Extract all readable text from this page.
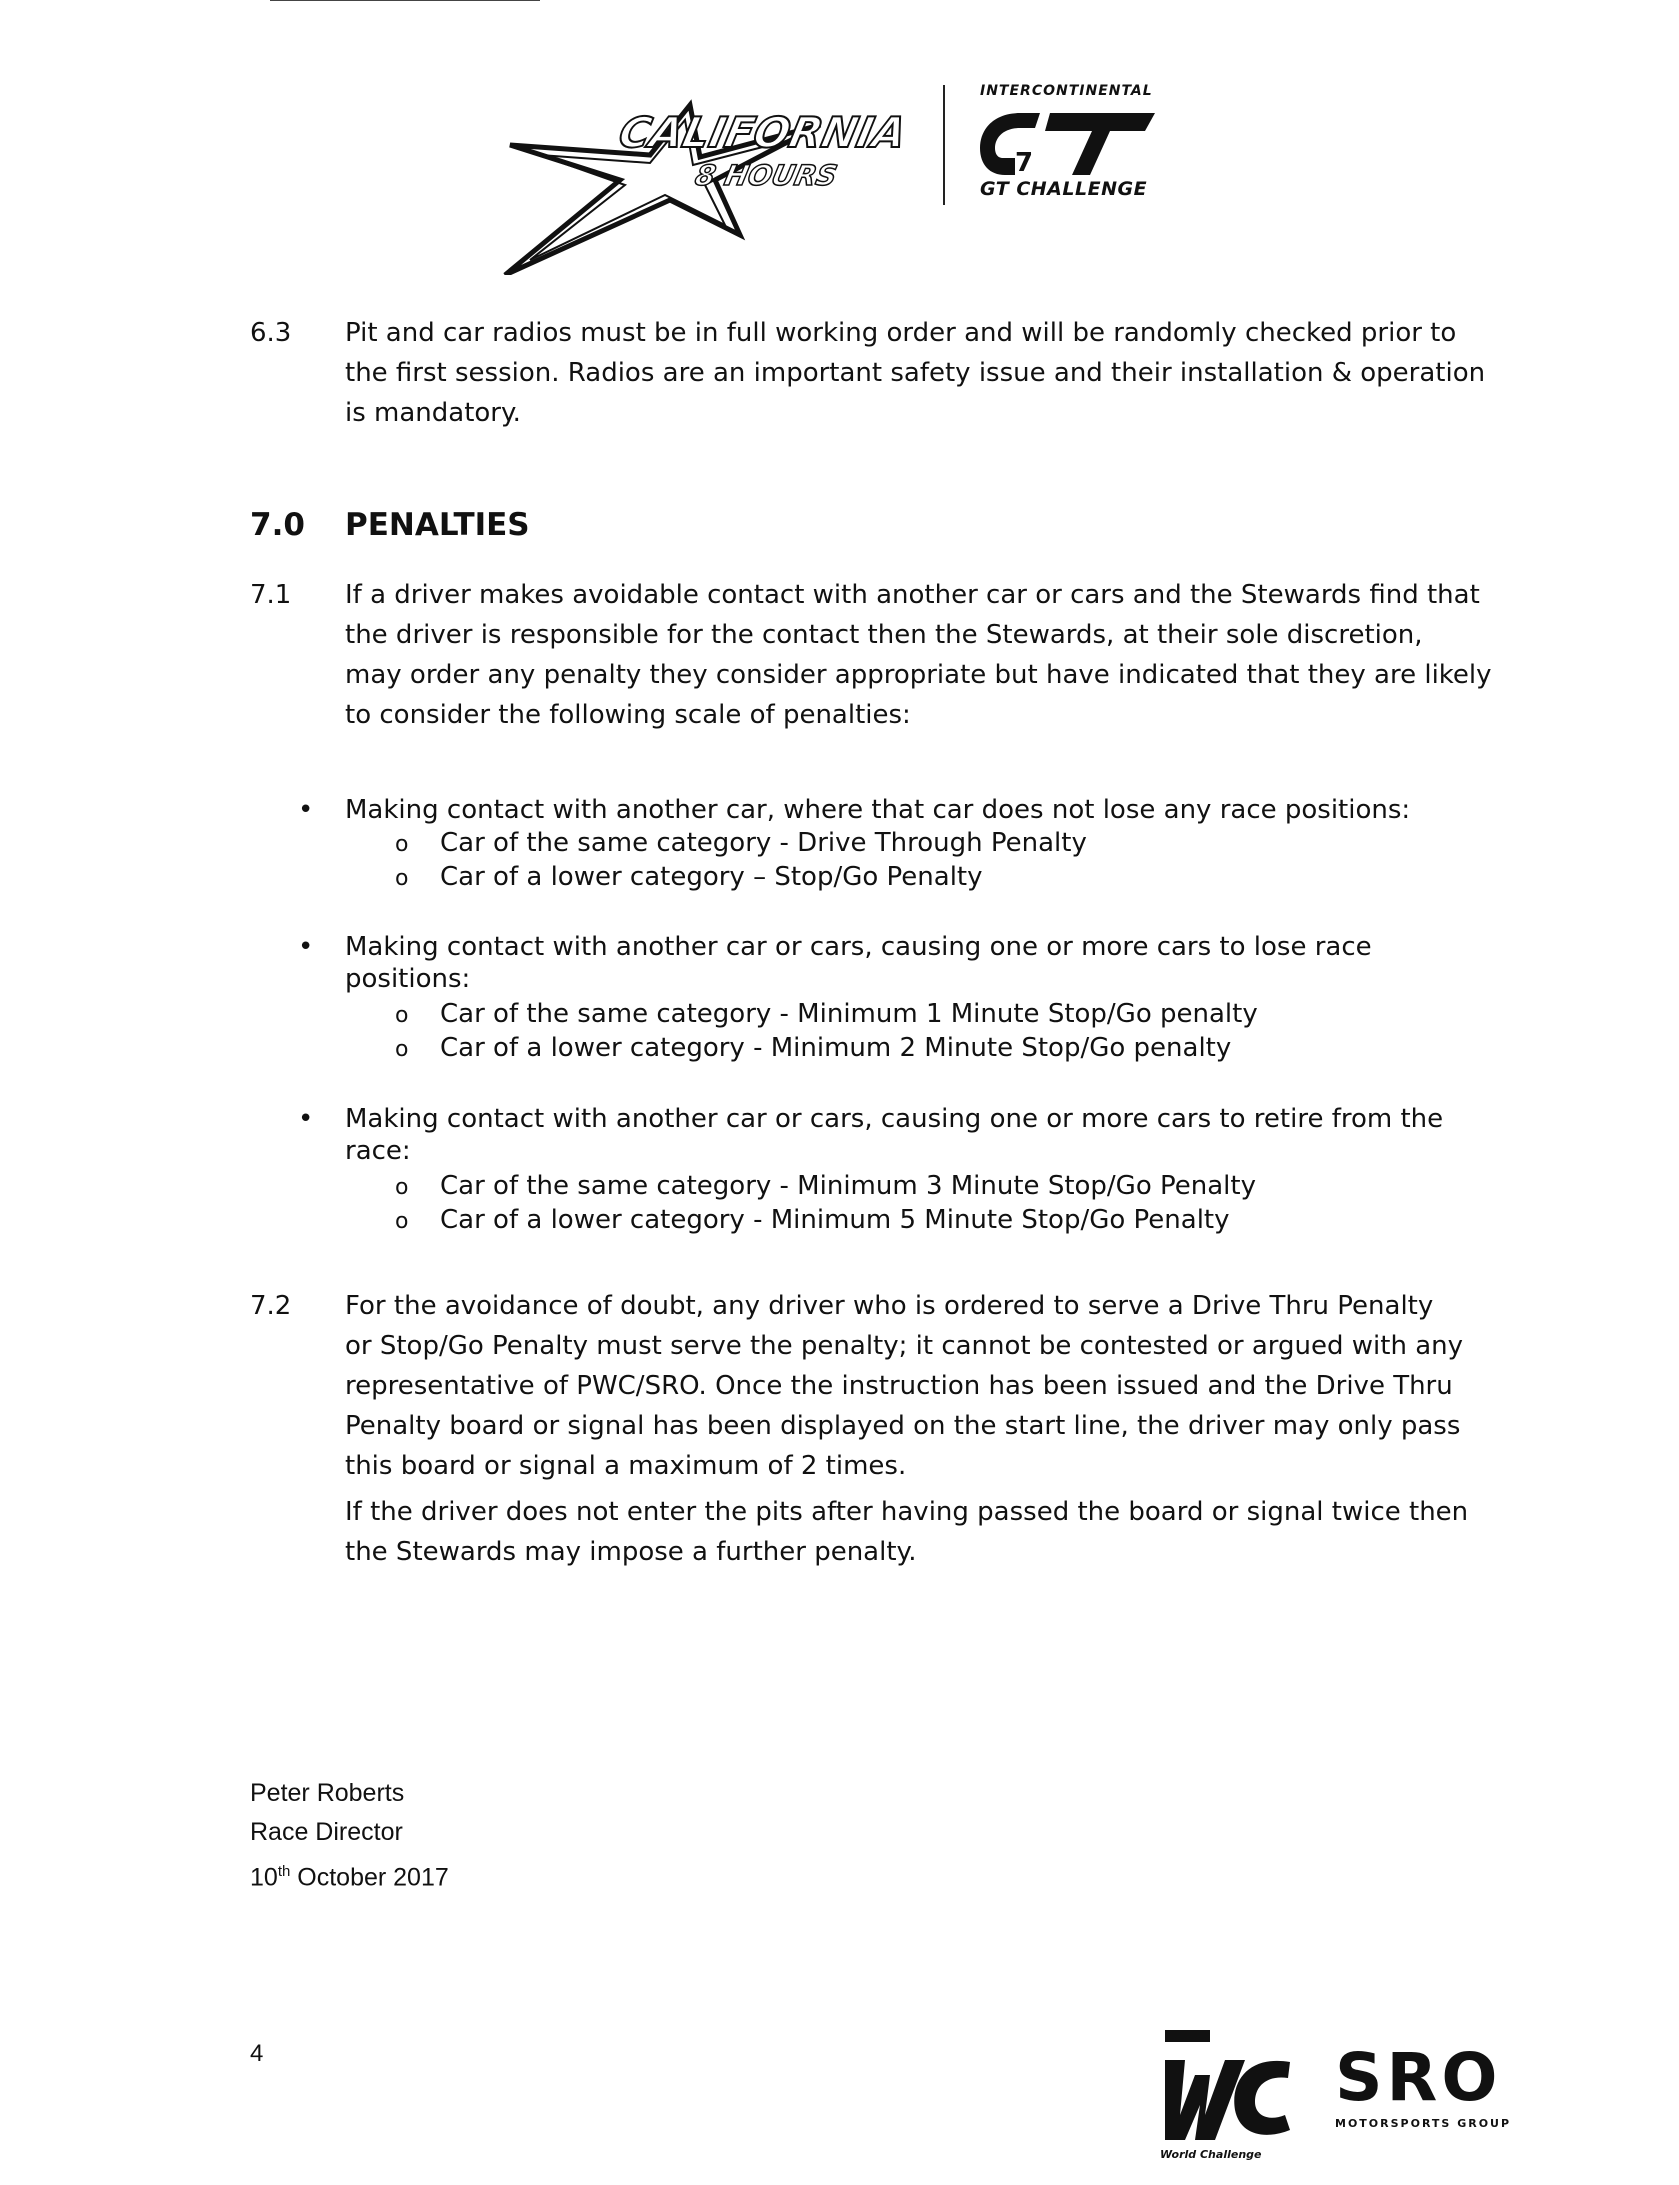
CALIFORNIA
8 HOURS
INTERCONTINENTAL
7
GT CHALLENGE
6.3 Pit and car radios must be in full working order and will be randomly checked prior to
the first session. Radios are an important safety issue and their installation & operation
is mandatory.
7.0 PENALTIES
7.1 If a driver makes avoidable contact with another car or cars and the Stewards find that
the driver is responsible for the contact then the Stewards, at their sole discretion,
may order any penalty they consider appropriate but have indicated that they are likely
to consider the following scale of penalties:
• Making contact with another car, where that car does not lose any race positions:
o Car of the same category - Drive Through Penalty
o Car of a lower category – Stop/Go Penalty
• Making contact with another car or cars, causing one or more cars to lose race
positions:
o Car of the same category - Minimum 1 Minute Stop/Go penalty
o Car of a lower category - Minimum 2 Minute Stop/Go penalty
• Making contact with another car or cars, causing one or more cars to retire from the
race:
o Car of the same category - Minimum 3 Minute Stop/Go Penalty
o Car of a lower category - Minimum 5 Minute Stop/Go Penalty
7.2 For the avoidance of doubt, any driver who is ordered to serve a Drive Thru Penalty
or Stop/Go Penalty must serve the penalty; it cannot be contested or argued with any
representative of PWC/SRO. Once the instruction has been issued and the Drive Thru
Penalty board or signal has been displayed on the start line, the driver may only pass
this board or signal a maximum of 2 times.
If the driver does not enter the pits after having passed the board or signal twice then
the Stewards may impose a further penalty.
Peter Roberts
Race Director
10th October 2017
4
World Challenge
SRO
MOTORSPORTS GROUP
